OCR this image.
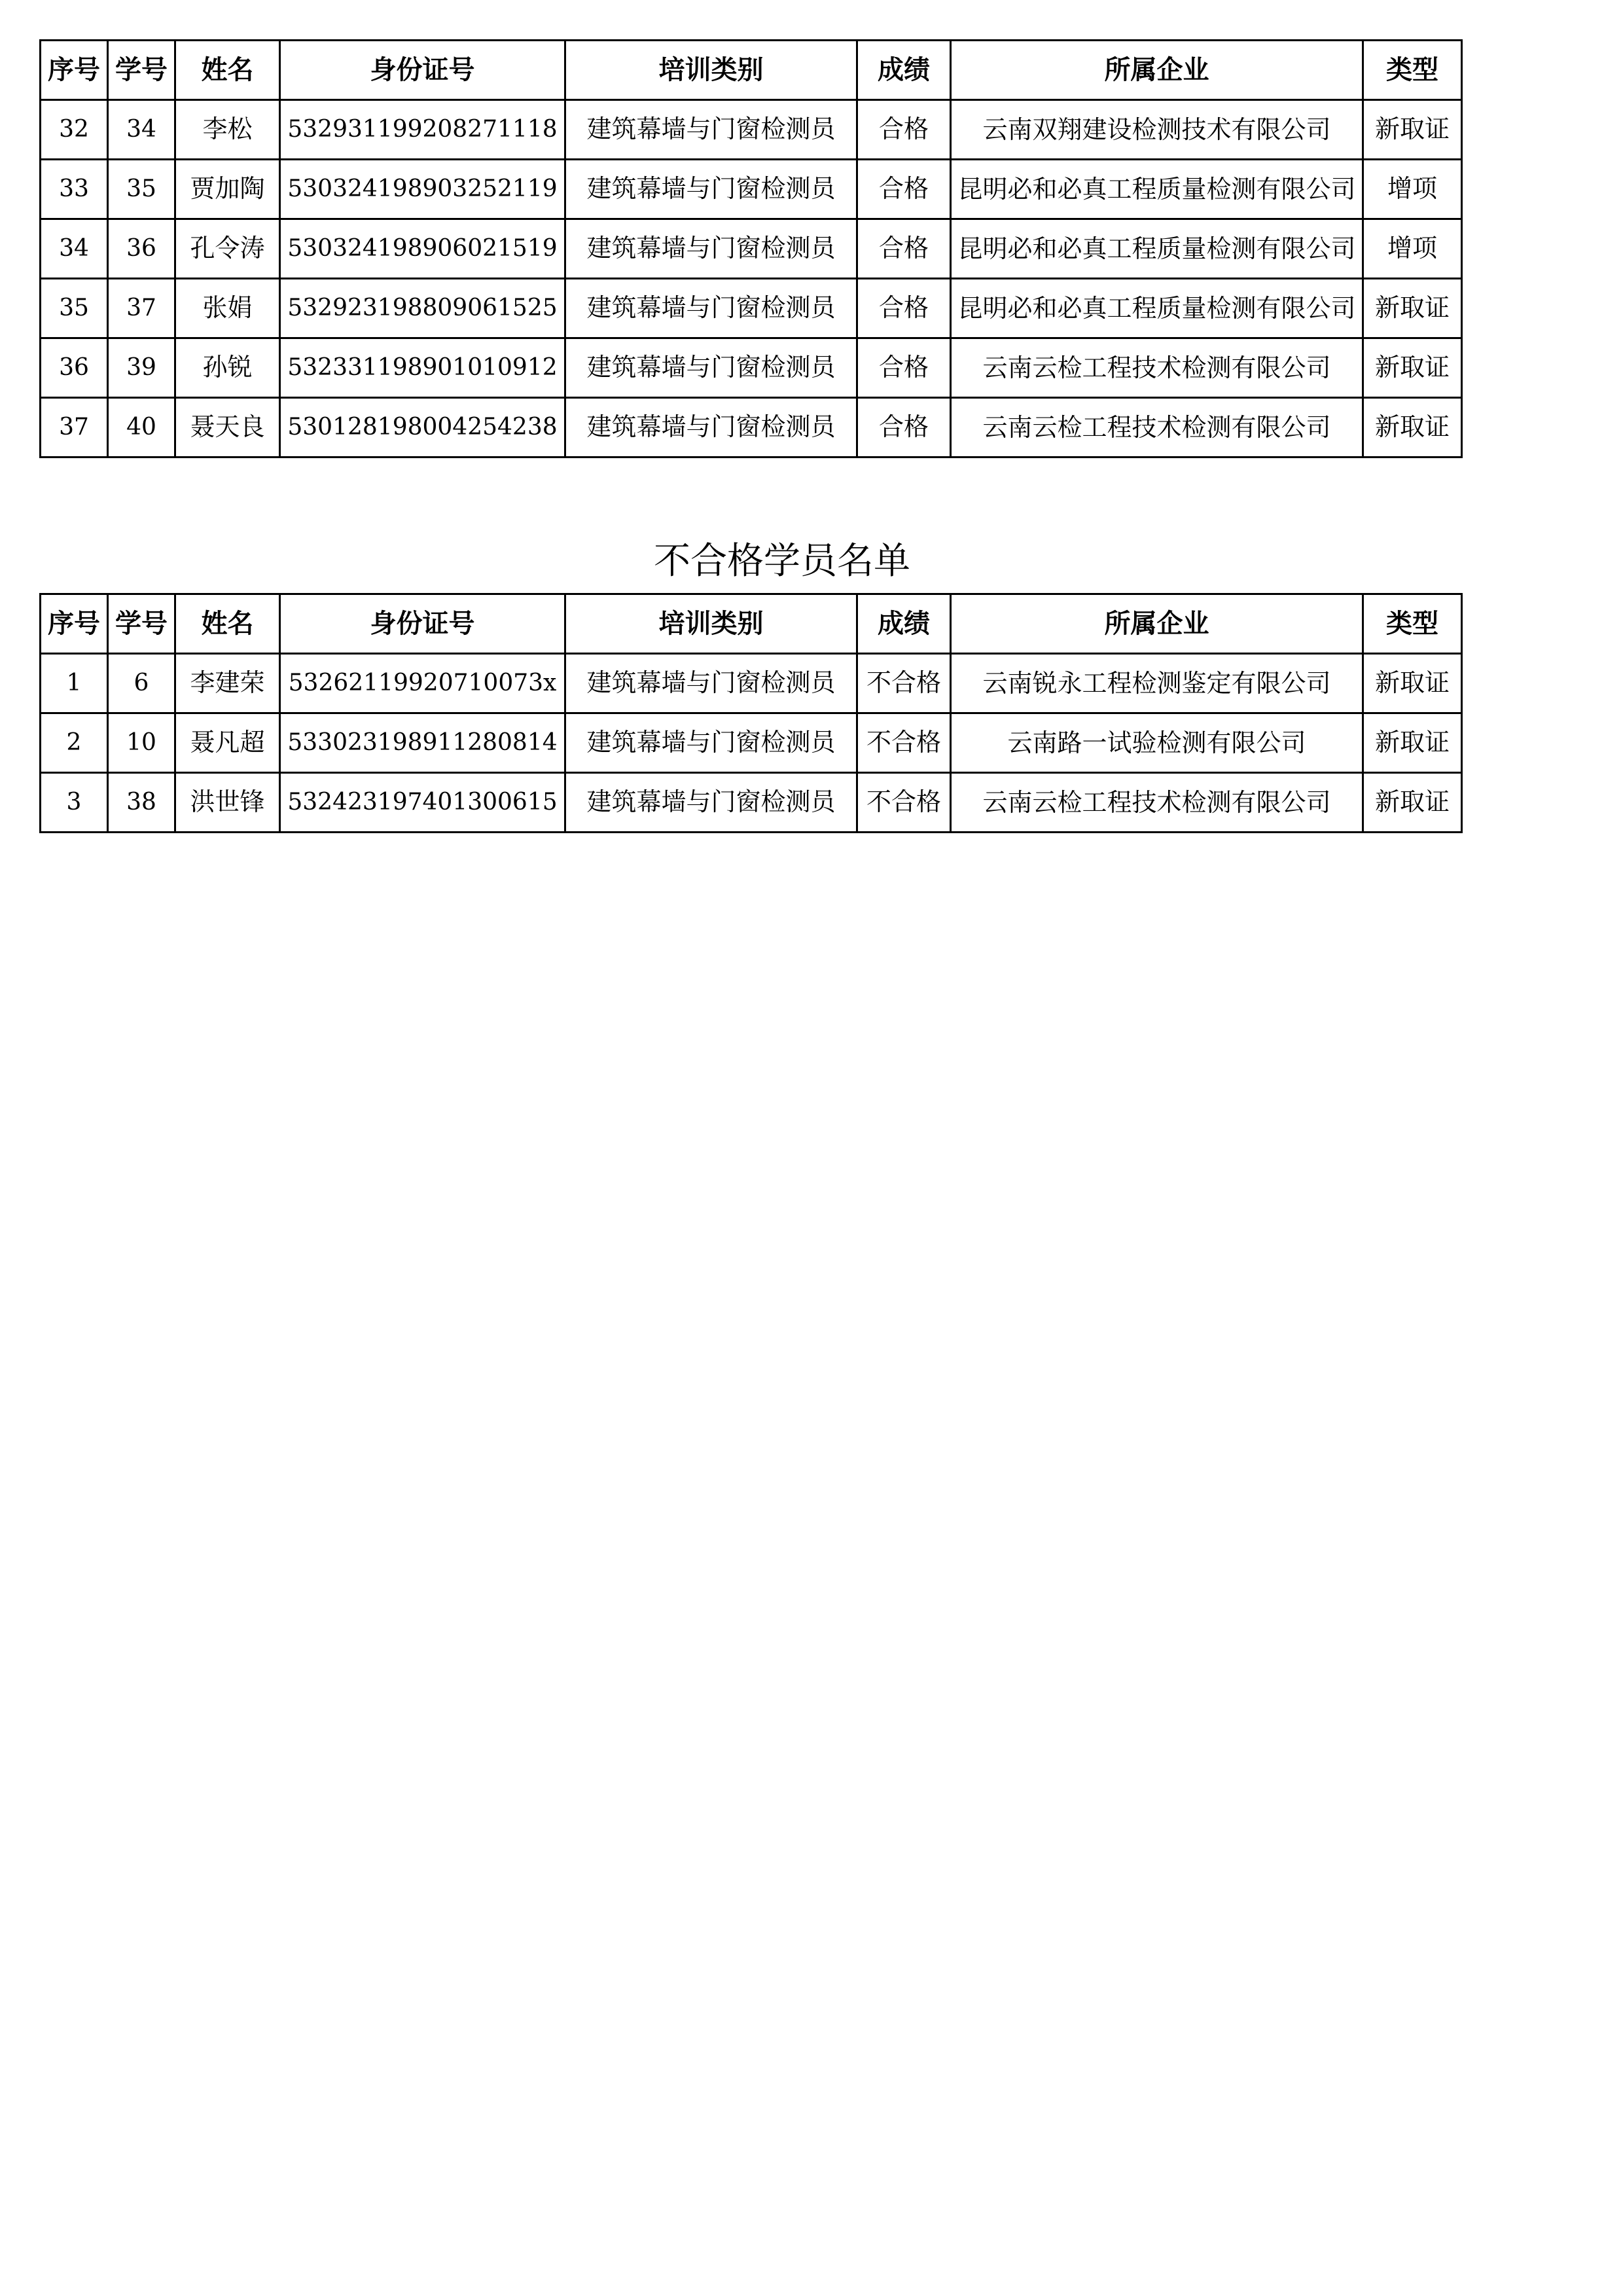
序号	学号	姓名	身份证号	培训类别	成绩	所属企业	类型
32	34	李松	532931199208271118	建筑幕墙与门窗检测员	合格	云南双翔建设检测技术有限公司	新取证
33	35	贾加陶	530324198903252119	建筑幕墙与门窗检测员	合格	昆明必和必真工程质量检测有限公司	增项
34	36	孔令涛	530324198906021519	建筑幕墙与门窗检测员	合格	昆明必和必真工程质量检测有限公司	增项
35	37	张娟	532923198809061525	建筑幕墙与门窗检测员	合格	昆明必和必真工程质量检测有限公司	新取证
36	39	孙锐	532331198901010912	建筑幕墙与门窗检测员	合格	云南云检工程技术检测有限公司	新取证
37	40	聂天良	530128198004254238	建筑幕墙与门窗检测员	合格	云南云检工程技术检测有限公司	新取证
不合格学员名单
序号	学号	姓名	身份证号	培训类别	成绩	所属企业	类型
1	6	李建荣	53262119920710073x	建筑幕墙与门窗检测员	不合格	云南锐永工程检测鉴定有限公司	新取证
2	10	聂凡超	533023198911280814	建筑幕墙与门窗检测员	不合格	云南路一试验检测有限公司	新取证
3	38	洪世锋	532423197401300615	建筑幕墙与门窗检测员	不合格	云南云检工程技术检测有限公司	新取证
